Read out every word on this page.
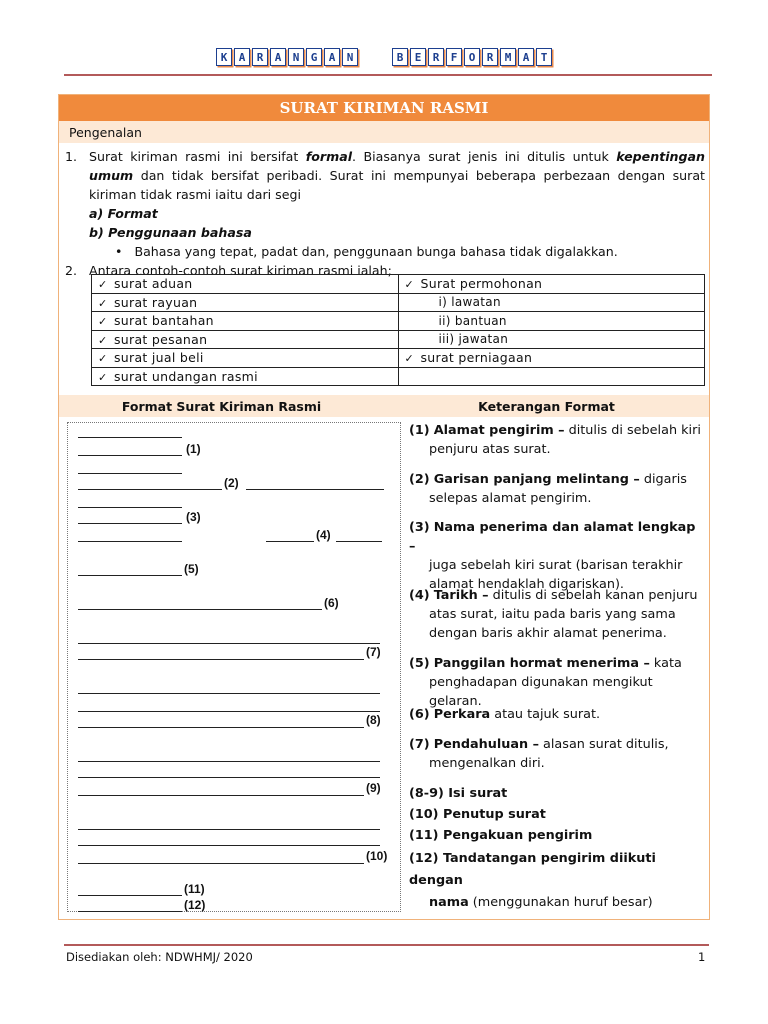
K	A	R	A	N	G	A	N	B	E	R	F	O	R	M	A	T
SURAT KIRIMAN RASMI
Pengenalan
1. Surat kiriman rasmi ini bersifat formal. Biasanya surat jenis ini ditulis untuk kepentingan umum dan tidak bersifat peribadi. Surat ini mempunyai beberapa perbezaan dengan surat kiriman tidak rasmi iaitu dari segi
a) Format
b) Penggunaan bahasa
•   Bahasa yang tepat, padat dan, penggunaan bunga bahasa tidak digalakkan.
2. Antara contoh-contoh surat kiriman rasmi ialah;
✓ surat aduan	✓ Surat permohonan
✓ surat rayuan	i) lawatan
✓ surat bantahan	ii) bantuan
✓ surat pesanan	iii) jawatan
✓ surat jual beli	✓ surat perniagaan
✓ surat undangan rasmi	
Format Surat Kiriman Rasmi	Keterangan Format
(1)
(2)
(3)
(4)
(5)
(6)
(7)
(8)
(9)
(10)
(11)
(12)
(1) Alamat pengirim – ditulis di sebelah kiri
penjuru atas surat.
(2) Garisan panjang melintang – digaris
selepas alamat pengirim.
(3) Nama penerima dan alamat lengkap –
juga sebelah kiri surat (barisan terakhir alamat hendaklah digariskan).
(4) Tarikh – ditulis di sebelah kanan penjuru
atas surat, iaitu pada baris yang sama dengan baris akhir alamat penerima.
(5) Panggilan hormat menerima – kata
penghadapan digunakan mengikut gelaran.
(6) Perkara atau tajuk surat.
(7) Pendahuluan – alasan surat ditulis,
mengenalkan diri.
(8-9) Isi surat
(10) Penutup surat
(11) Pengakuan pengirim
(12) Tandatangan pengirim diikuti dengan
nama (menggunakan huruf besar)
Disediakan oleh: NDWHMJ/ 2020	1
